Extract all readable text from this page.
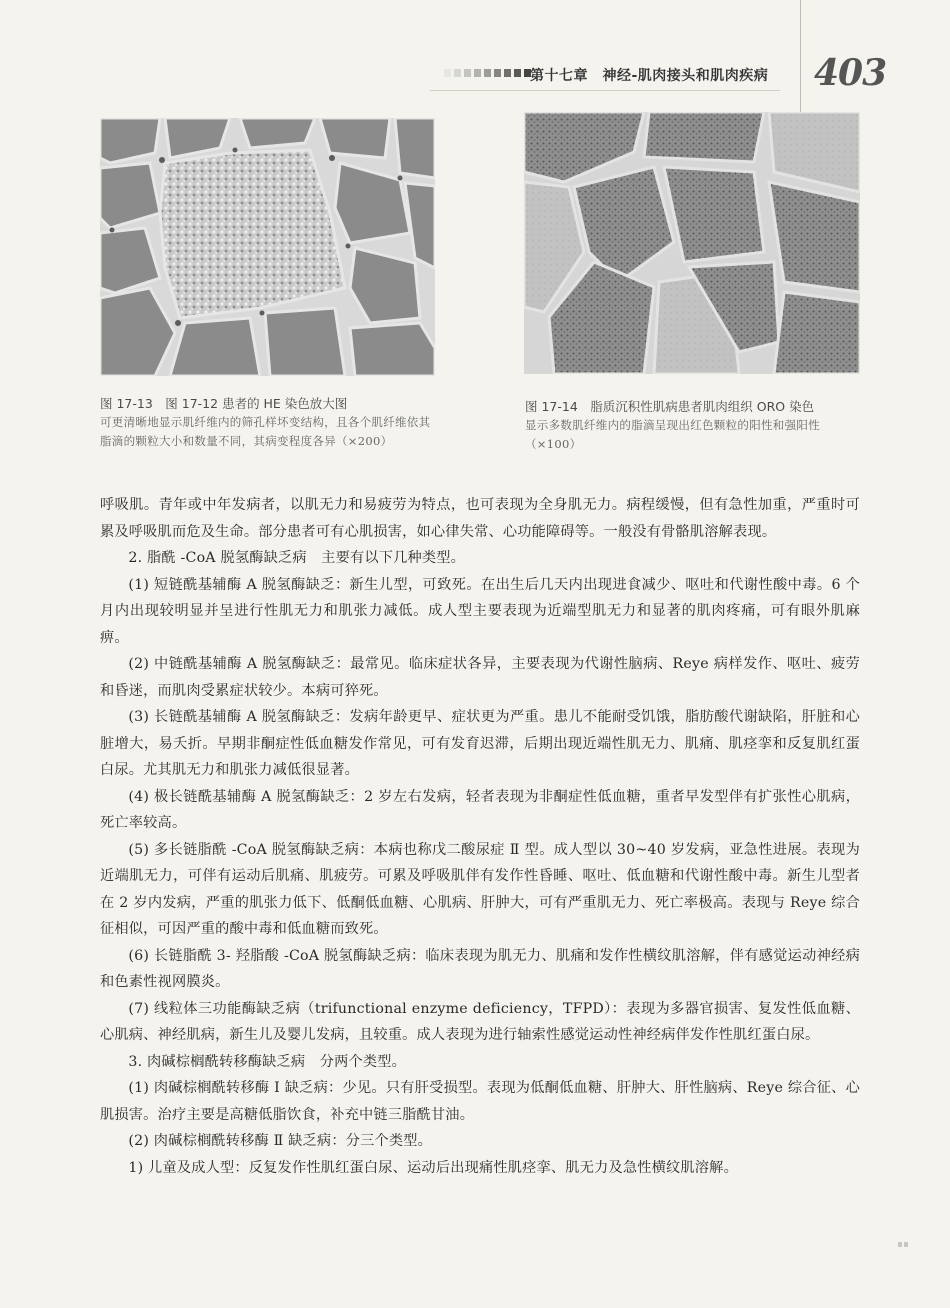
第十七章　神经-肌肉接头和肌肉疾病 403
图 17-13　图 17-12 患者的 HE 染色放大图
可更清晰地显示肌纤维内的筛孔样坏变结构，且各个肌纤维依其脂滴的颗粒大小和数量不同，其病变程度各异（×200）
图 17-14　脂质沉积性肌病患者肌肉组织 ORO 染色
显示多数肌纤维内的脂滴呈现出红色颗粒的阳性和强阳性（×100）

呼吸肌。青年或中年发病者，以肌无力和易疲劳为特点，也可表现为全身肌无力。病程缓慢，但有急性加重，严重时可累及呼吸肌而危及生命。部分患者可有心肌损害，如心律失常、心功能障碍等。一般没有骨骼肌溶解表现。

2. 脂酰 -CoA 脱氢酶缺乏病　主要有以下几种类型。

(1) 短链酰基辅酶 A 脱氢酶缺乏：新生儿型，可致死。在出生后几天内出现进食减少、呕吐和代谢性酸中毒。6 个月内出现较明显并呈进行性肌无力和肌张力减低。成人型主要表现为近端型肌无力和显著的肌肉疼痛，可有眼外肌麻痹。

(2) 中链酰基辅酶 A 脱氢酶缺乏：最常见。临床症状各异，主要表现为代谢性脑病、Reye 病样发作、呕吐、疲劳和昏迷，而肌肉受累症状较少。本病可猝死。

(3) 长链酰基辅酶 A 脱氢酶缺乏：发病年龄更早、症状更为严重。患儿不能耐受饥饿，脂肪酸代谢缺陷，肝脏和心脏增大，易夭折。早期非酮症性低血糖发作常见，可有发育迟滞，后期出现近端性肌无力、肌痛、肌痉挛和反复肌红蛋白尿。尤其肌无力和肌张力减低很显著。

(4) 极长链酰基辅酶 A 脱氢酶缺乏：2 岁左右发病，轻者表现为非酮症性低血糖，重者早发型伴有扩张性心肌病，死亡率较高。

(5) 多长链脂酰 -CoA 脱氢酶缺乏病：本病也称戊二酸尿症 Ⅱ 型。成人型以 30~40 岁发病，亚急性进展。表现为近端肌无力，可伴有运动后肌痛、肌疲劳。可累及呼吸肌伴有发作性昏睡、呕吐、低血糖和代谢性酸中毒。新生儿型者在 2 岁内发病，严重的肌张力低下、低酮低血糖、心肌病、肝肿大，可有严重肌无力、死亡率极高。表现与 Reye 综合征相似，可因严重的酸中毒和低血糖而致死。

(6) 长链脂酰 3- 羟脂酸 -CoA 脱氢酶缺乏病：临床表现为肌无力、肌痛和发作性横纹肌溶解，伴有感觉运动神经病和色素性视网膜炎。

(7) 线粒体三功能酶缺乏病（trifunctional enzyme deficiency，TFPD）：表现为多器官损害、复发性低血糖、心肌病、神经肌病，新生儿及婴儿发病，且较重。成人表现为进行轴索性感觉运动性神经病伴发作性肌红蛋白尿。

3. 肉碱棕榈酰转移酶缺乏病　分两个类型。

(1) 肉碱棕榈酰转移酶 Ⅰ 缺乏病：少见。只有肝受损型。表现为低酮低血糖、肝肿大、肝性脑病、Reye 综合征、心肌损害。治疗主要是高糖低脂饮食，补充中链三脂酰甘油。

(2) 肉碱棕榈酰转移酶 Ⅱ 缺乏病：分三个类型。

1) 儿童及成人型：反复发作性肌红蛋白尿、运动后出现痛性肌痉挛、肌无力及急性横纹肌溶解。
